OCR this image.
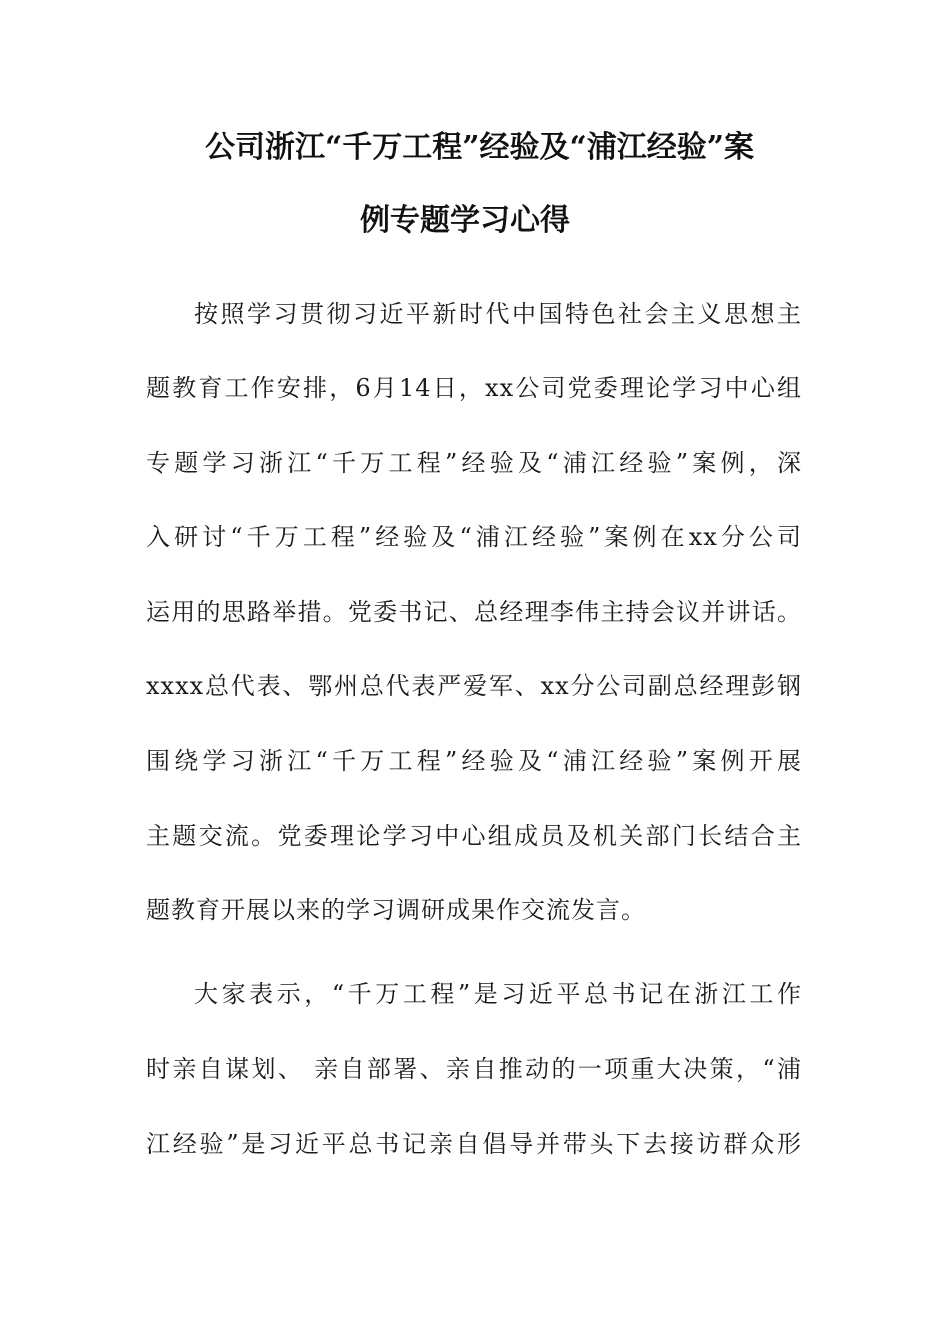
公司浙江“千万工程”经验及“浦江经验”案
例专题学习心得
按照学习贯彻习近平新时代中国特色社会主义思想主
题教育工作安排，6月14日，xx公司党委理论学习中心组
专题学习浙江“千万工程”经验及“浦江经验”案例，深
入研讨“千万工程”经验及“浦江经验”案例在xx分公司
运用的思路举措。党委书记、总经理李伟主持会议并讲话。
xxxx总代表、鄂州总代表严爱军、xx分公司副总经理彭钢
围绕学习浙江“千万工程”经验及“浦江经验”案例开展
主题交流。党委理论学习中心组成员及机关部门长结合主
题教育开展以来的学习调研成果作交流发言。
大家表示，“千万工程”是习近平总书记在浙江工作
时亲自谋划、 亲自部署、亲自推动的一项重大决策，“浦
江经验”是习近平总书记亲自倡导并带头下去接访群众形
